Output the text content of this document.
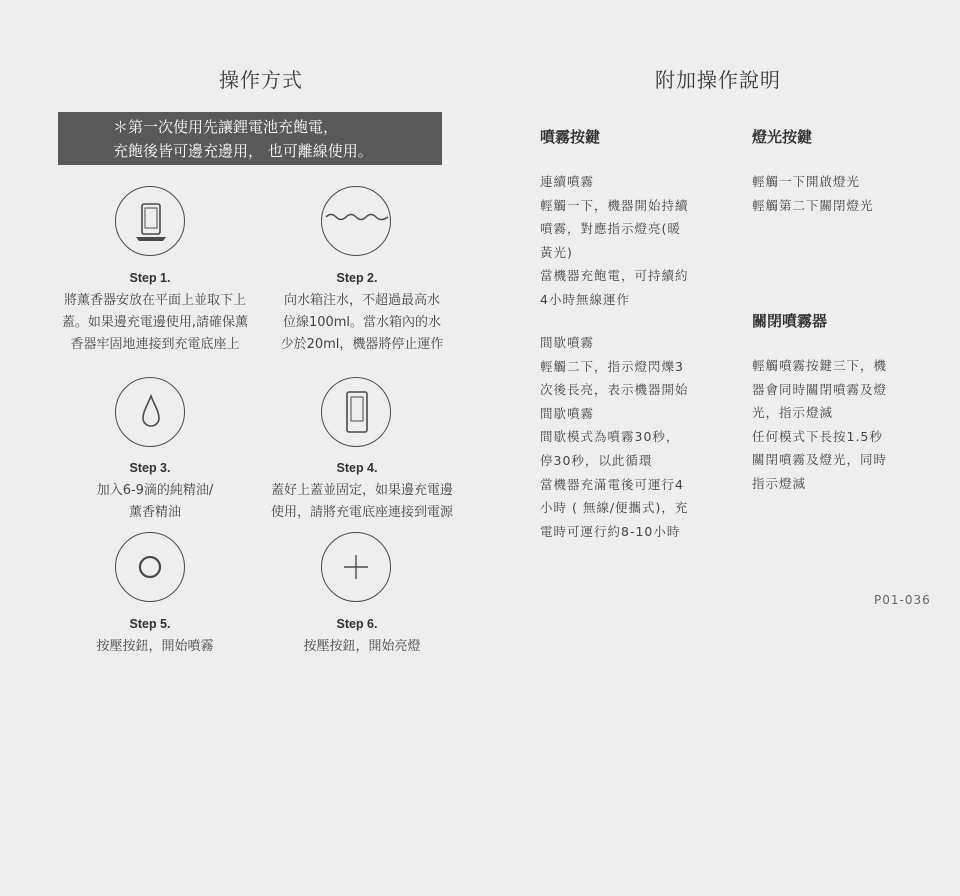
操作方式
＊第一次使用先讓鋰電池充飽電，
充飽後皆可邊充邊用， 也可離線使用。
Step 1.
將薰香器安放在平面上並取下上
蓋。如果邊充電邊使用,請確保薰
香器牢固地連接到充電底座上
Step 2.
向水箱注水，不超過最高水
位線100ml。當水箱內的水
少於20ml，機器將停止運作
Step 3.
加入6-9滴的純精油/
薰香精油
Step 4.
蓋好上蓋並固定，如果邊充電邊
使用，請將充電底座連接到電源
Step 5.
按壓按鈕，開始噴霧
Step 6.
按壓按鈕，開始亮燈
附加操作說明
噴霧按鍵
連續噴霧
輕觸一下，機器開始持續
噴霧，對應指示燈亮(暖
黃光)
當機器充飽電，可持續約
4小時無線運作
間歇噴霧
輕觸二下，指示燈閃爍3
次後長亮，表示機器開始
間歇噴霧
間歇模式為噴霧30秒，
停30秒，以此循環
當機器充滿電後可運行4
小時 ( 無線/便攜式)，充
電時可運行約8-10小時
燈光按鍵
輕觸一下開啟燈光
輕觸第二下關閉燈光
關閉噴霧器
輕觸噴霧按鍵三下，機
器會同時關閉噴霧及燈
光，指示燈滅
任何模式下長按1.5秒
關閉噴霧及燈光，同時
指示燈滅
P01-036
